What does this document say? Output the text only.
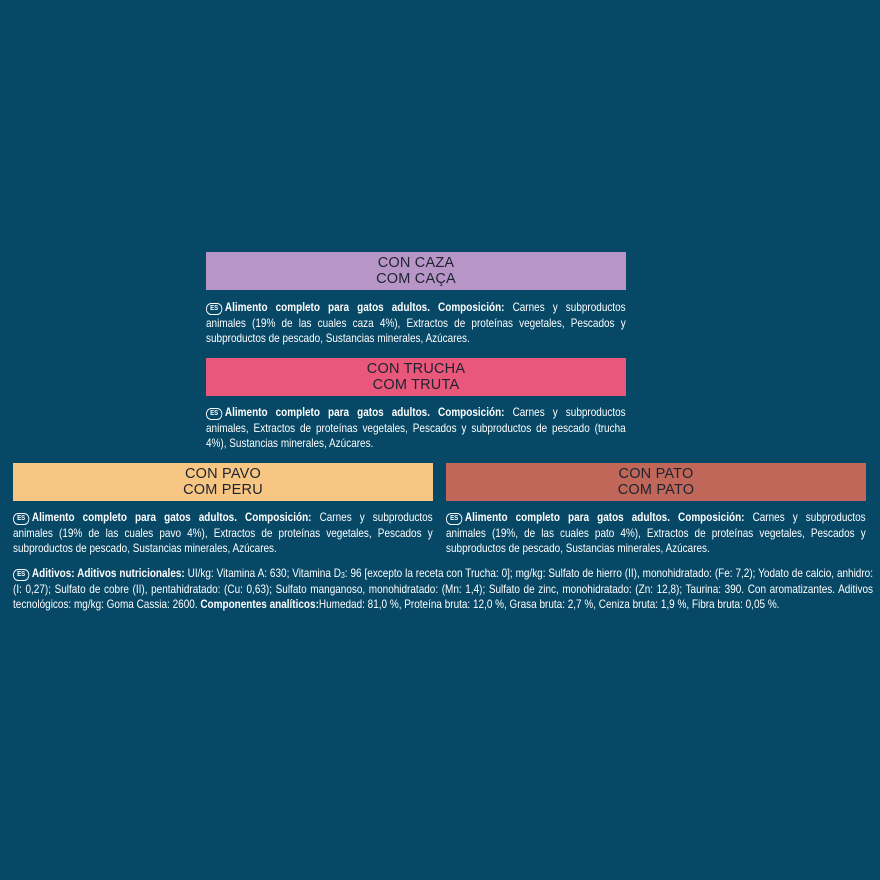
CON CAZA
COM CAÇA
ES Alimento completo para gatos adultos. Composición: Carnes y subproductos animales (19% de las cuales caza 4%), Extractos de proteínas vegetales, Pescados y subproductos de pescado, Sustancias minerales, Azúcares.
CON TRUCHA
COM TRUTA
ES Alimento completo para gatos adultos. Composición: Carnes y subproductos animales, Extractos de proteínas vegetales, Pescados y subproductos de pescado (trucha 4%), Sustancias minerales, Azúcares.
CON PAVO
COM PERU
ES Alimento completo para gatos adultos. Composición: Carnes y subproductos animales (19% de las cuales pavo 4%), Extractos de proteínas vegetales, Pescados y subproductos de pescado, Sustancias minerales, Azúcares.
CON PATO
COM PATO
ES Alimento completo para gatos adultos. Composición: Carnes y subproductos animales (19%, de las cuales pato 4%), Extractos de proteínas vegetales, Pescados y subproductos de pescado, Sustancias minerales, Azúcares.
ES Aditivos: Aditivos nutricionales: UI/kg: Vitamina A: 630; Vitamina $D_3$: 96 [excepto la receta con Trucha: 0]; mg/kg: Sulfato de hierro (II), monohidratado: (Fe: 7,2); Yodato de calcio, anhidro: (I: 0,27); Sulfato de cobre (II), pentahidratado: (Cu: 0,63); Sulfato manganoso, monohidratado: (Mn: 1,4); Sulfato de zinc, monohidratado: (Zn: 12,8); Taurina: 390. Con aromatizantes. Aditivos tecnológicos: mg/kg: Goma Cassia: 2600. Componentes analíticos:Humedad: 81,0 %, Proteína bruta: 12,0 %, Grasa bruta: 2,7 %, Ceniza bruta: 1,9 %, Fibra bruta: 0,05 %.
